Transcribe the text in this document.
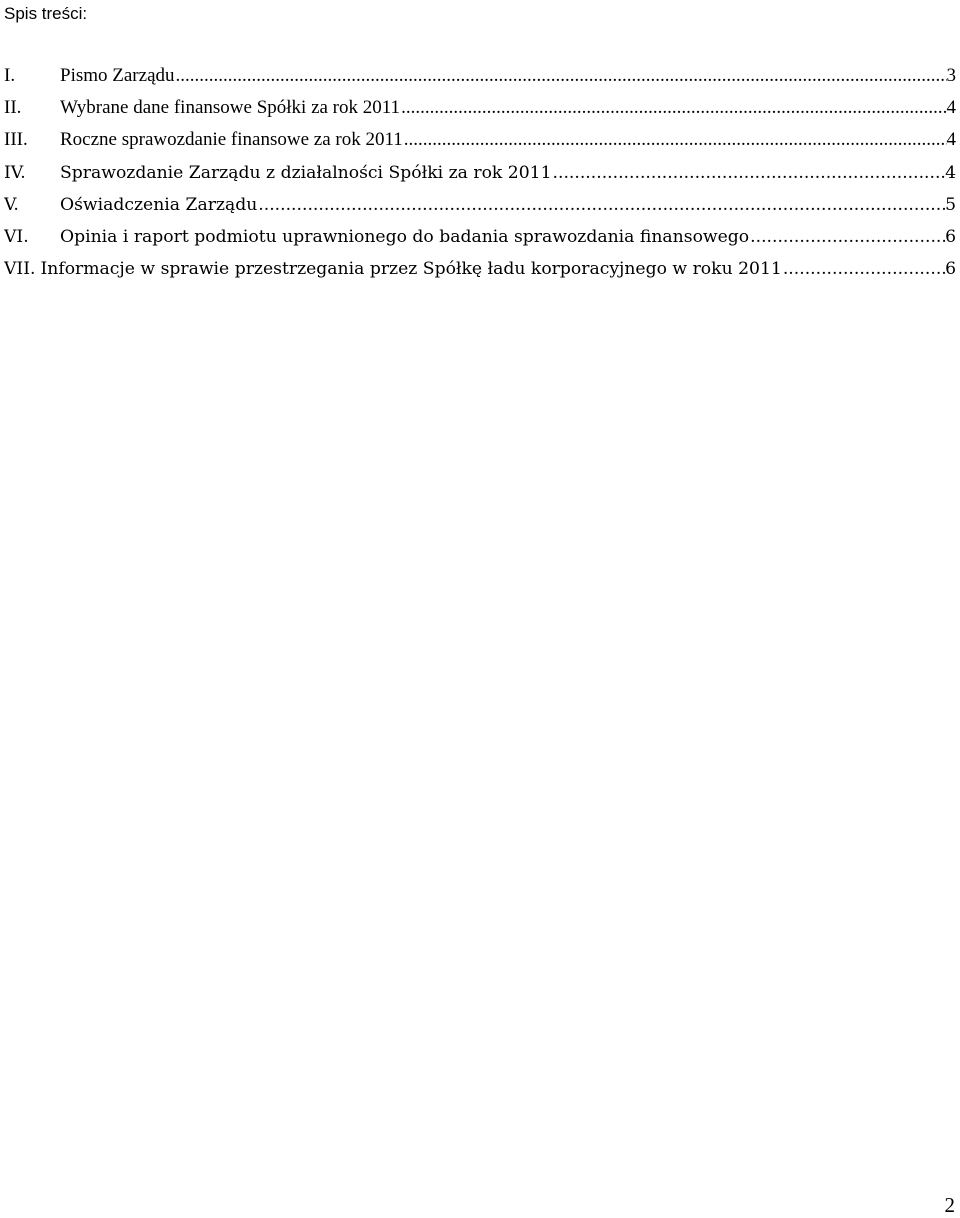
Spis treści:
I.	Pismo Zarządu .....	3
II.	Wybrane dane finansowe Spółki za rok 2011 .....	4
III.	Roczne sprawozdanie finansowe za rok 2011 .....	4
IV.	Sprawozdanie Zarządu z działalności Spółki za rok 2011 .....	4
V.	Oświadczenia Zarządu .....	5
VI.	Opinia i raport podmiotu uprawnionego do badania sprawozdania finansowego .....	6
VII. Informacje w sprawie przestrzegania przez Spółkę ładu korporacyjnego w roku 2011 .....	6
2
